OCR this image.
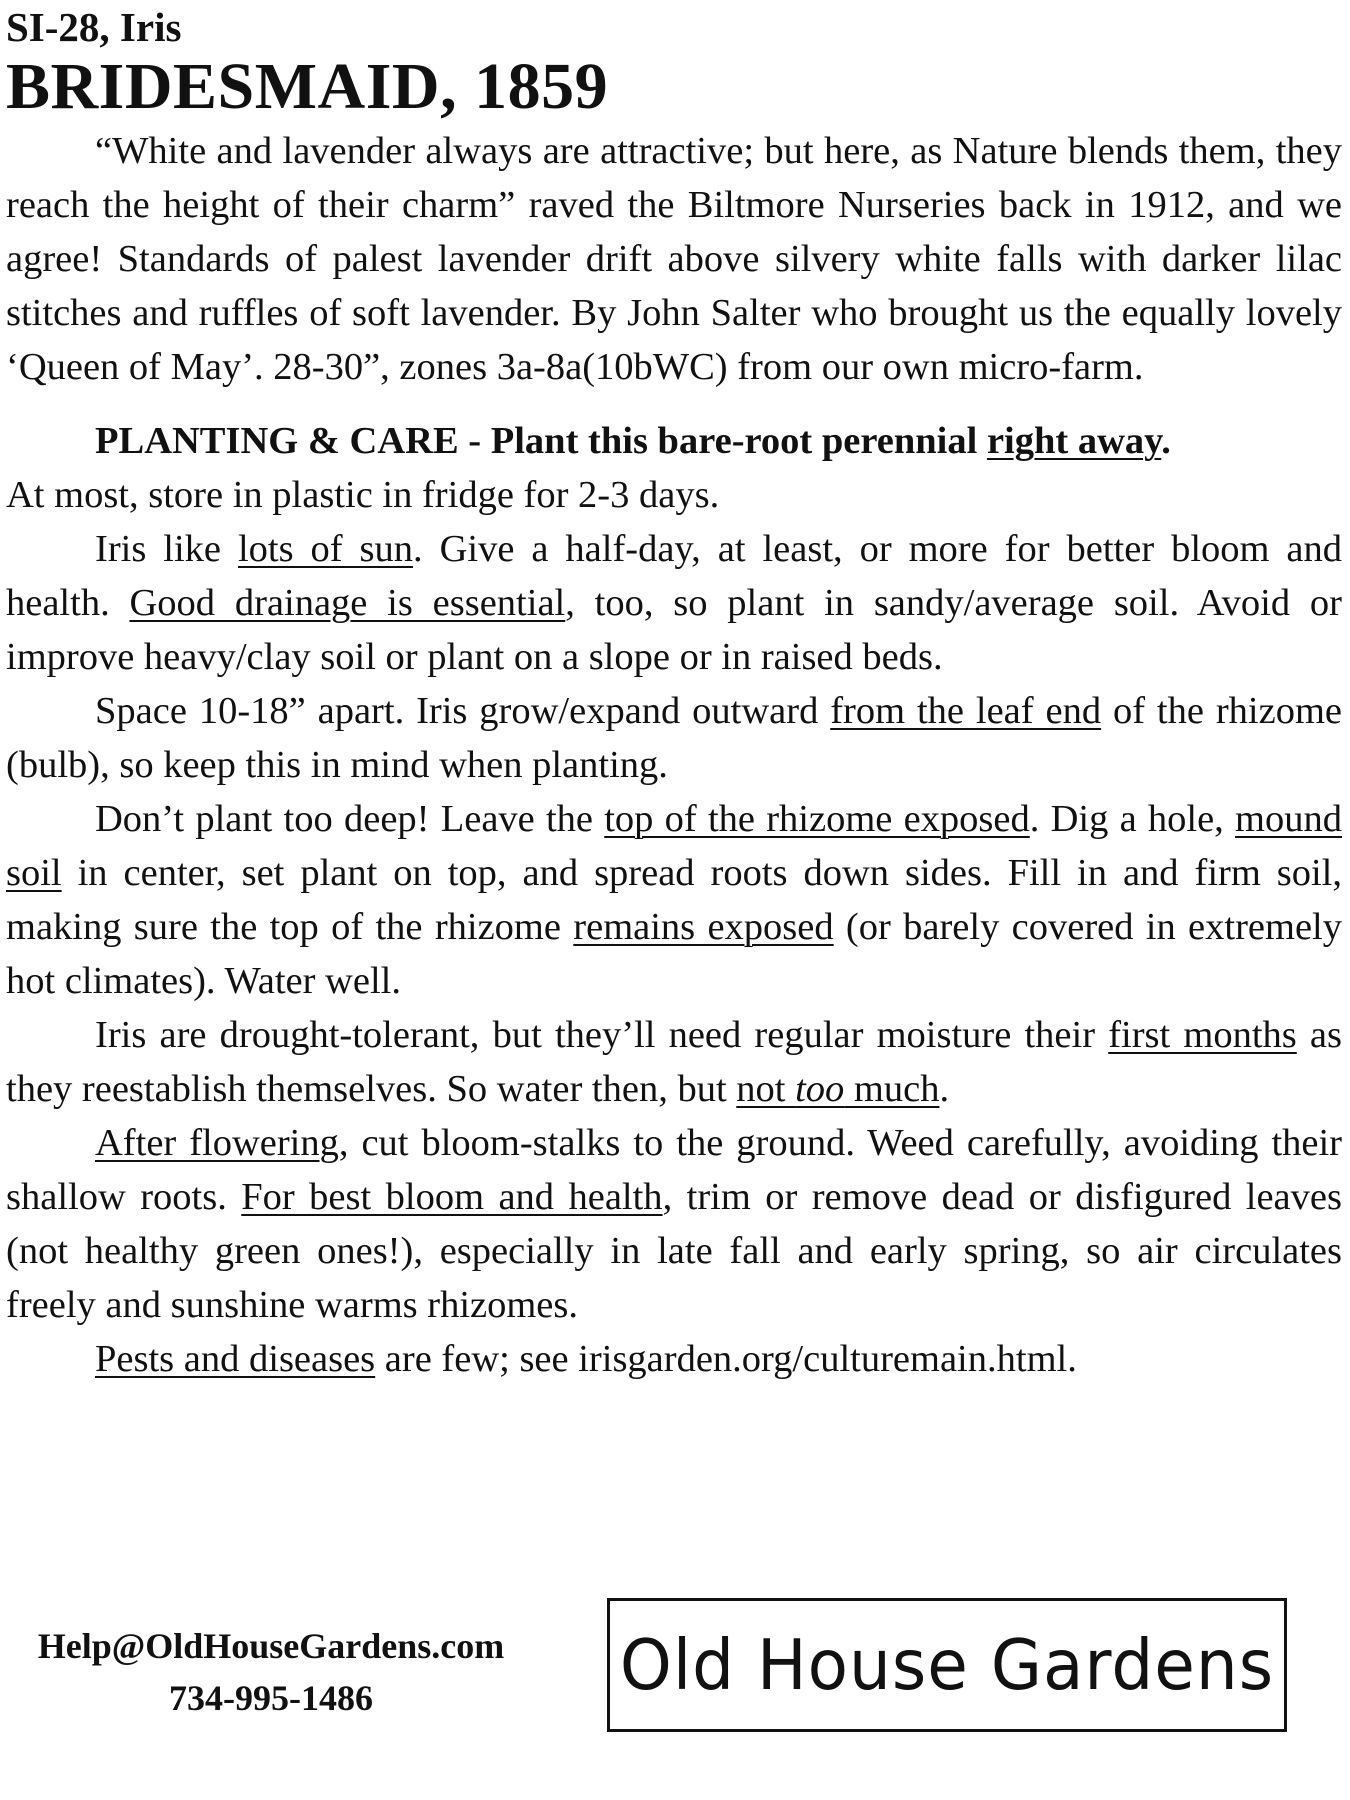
SI-28, Iris
BRIDESMAID, 1859

“White and lavender always are attractive; but here, as Nature blends them, they reach the height of their charm” raved the Biltmore Nurseries back in 1912, and we agree! Standards of palest lavender drift above silvery white falls with darker lilac stitches and ruffles of soft lavender. By John Salter who brought us the equally lovely ‘Queen of May’. 28-30”, zones 3a-8a(10bWC) from our own micro-farm.

PLANTING & CARE - Plant this bare-root perennial right away.
At most, store in plastic in fridge for 2-3 days.

Iris like lots of sun. Give a half-day, at least, or more for better bloom and health. Good drainage is essential, too, so plant in sandy/average soil. Avoid or improve heavy/clay soil or plant on a slope or in raised beds.

Space 10-18” apart. Iris grow/expand outward from the leaf end of the rhizome (bulb), so keep this in mind when planting.

Don’t plant too deep! Leave the top of the rhizome exposed. Dig a hole, mound soil in center, set plant on top, and spread roots down sides. Fill in and firm soil, making sure the top of the rhizome remains exposed (or barely covered in extremely hot climates). Water well.

Iris are drought-tolerant, but they’ll need regular moisture their first months as they reestablish themselves. So water then, but not too much.

After flowering, cut bloom-stalks to the ground. Weed carefully, avoiding their shallow roots. For best bloom and health, trim or remove dead or disfigured leaves (not healthy green ones!), especially in late fall and early spring, so air circulates freely and sunshine warms rhizomes.

Pests and diseases are few; see irisgarden.org/culturemain.html.

Help@OldHouseGardens.com
734-995-1486	Old House Gardens
